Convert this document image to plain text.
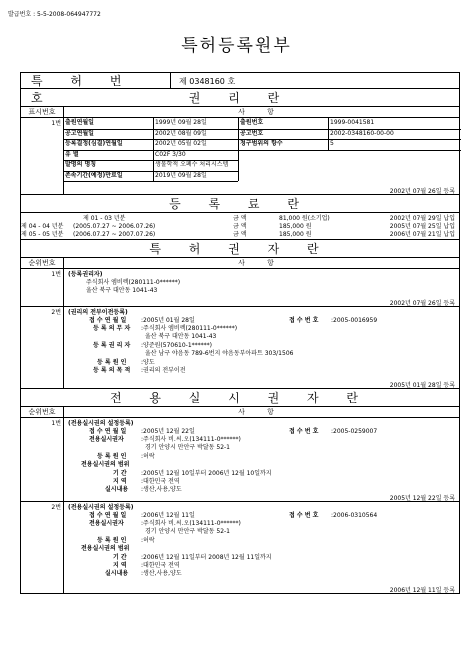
발급번호 : 5-5-2008-064947772
특허등록원부
특 허 번 호
제 0348160 호
권 리 란
표시번호	사 항
1번 출원연월일	1999년 09월 28일	출원번호	1999-0041581
공고연월일	2002년 08월 09일	공고번호	2002-0348160-00-00
등록결정(심결)연월일	2002년 05월 02일	청구범위의 항수	5
유 별	C02F 3/30
발명의 명칭	생물학적 오폐수 처리시스템
존속기간(예정)만료일	2019년 09월 28일
2002년 07월 26일 등록
등 록 료 란
제 01 - 03 년분	금 액	81,000 원(소기업)	2002년 07월 29일 납입
제 04 - 04 년분 (2005.07.27 ~ 2006.07.26)	금 액	185,000 원	2005년 07월 25일 납입
제 05 - 05 년분 (2006.07.27 ~ 2007.07.26)	금 액	185,000 원	2006년 07월 21일 납입
특 허 권 자 란
순위번호	사 항
1번 (등록권리자)
주식회사 엠비렉(280111-0******)
울산 북구 대안동 1041-43
2002년 07월 26일 등록
2번 (권리의 전부이전등록)
접 수 연 월 일 :2005년 01월 28일	접 수 번 호 :2005-0016959
등 록 의 무 자 :주식회사 엠비렉(280111-0******)
울산 북구 대안동 1041-43
등 록 권 리 자 :양준원(570610-1******)
울산 남구 야음동 789-6번지 야음동부아파트 303/1506
등 록 원 인 :양도
등 록 의 목 적 :권리의 전부이전
2005년 01월 28일 등록
전 용 실 시 권 자 란
순위번호	사 항
1번 (전용실시권의 설정등록)
접 수 연 월 일 :2005년 12월 22일	접 수 번 호 :2005-0259007
전용실시권자	:주식회사 비.씨.오(134111-0******)
경기 안양시 만안구 박달동 52-1
등 록 원 인 :허락
전용실시권의 범위
기 간 :2005년 12월 10일부터 2006년 12월 10일까지
지 역 :대한민국 전역
실시내용 :생산,사용,양도
2005년 12월 22일 등록
2번 (전용실시권의 설정등록)
접 수 연 월 일 :2006년 12월 11일	접 수 번 호 :2006-0310564
전용실시권자	:주식회사 비.씨.오(134111-0******)
경기 안양시 만안구 박달동 52-1
등 록 원 인 :허락
전용실시권의 범위
기 간 :2006년 12월 11일부터 2008년 12월 11일까지
지 역 :대한민국 전역
실시내용 :생산,사용,양도
2006년 12월 11일 등록
